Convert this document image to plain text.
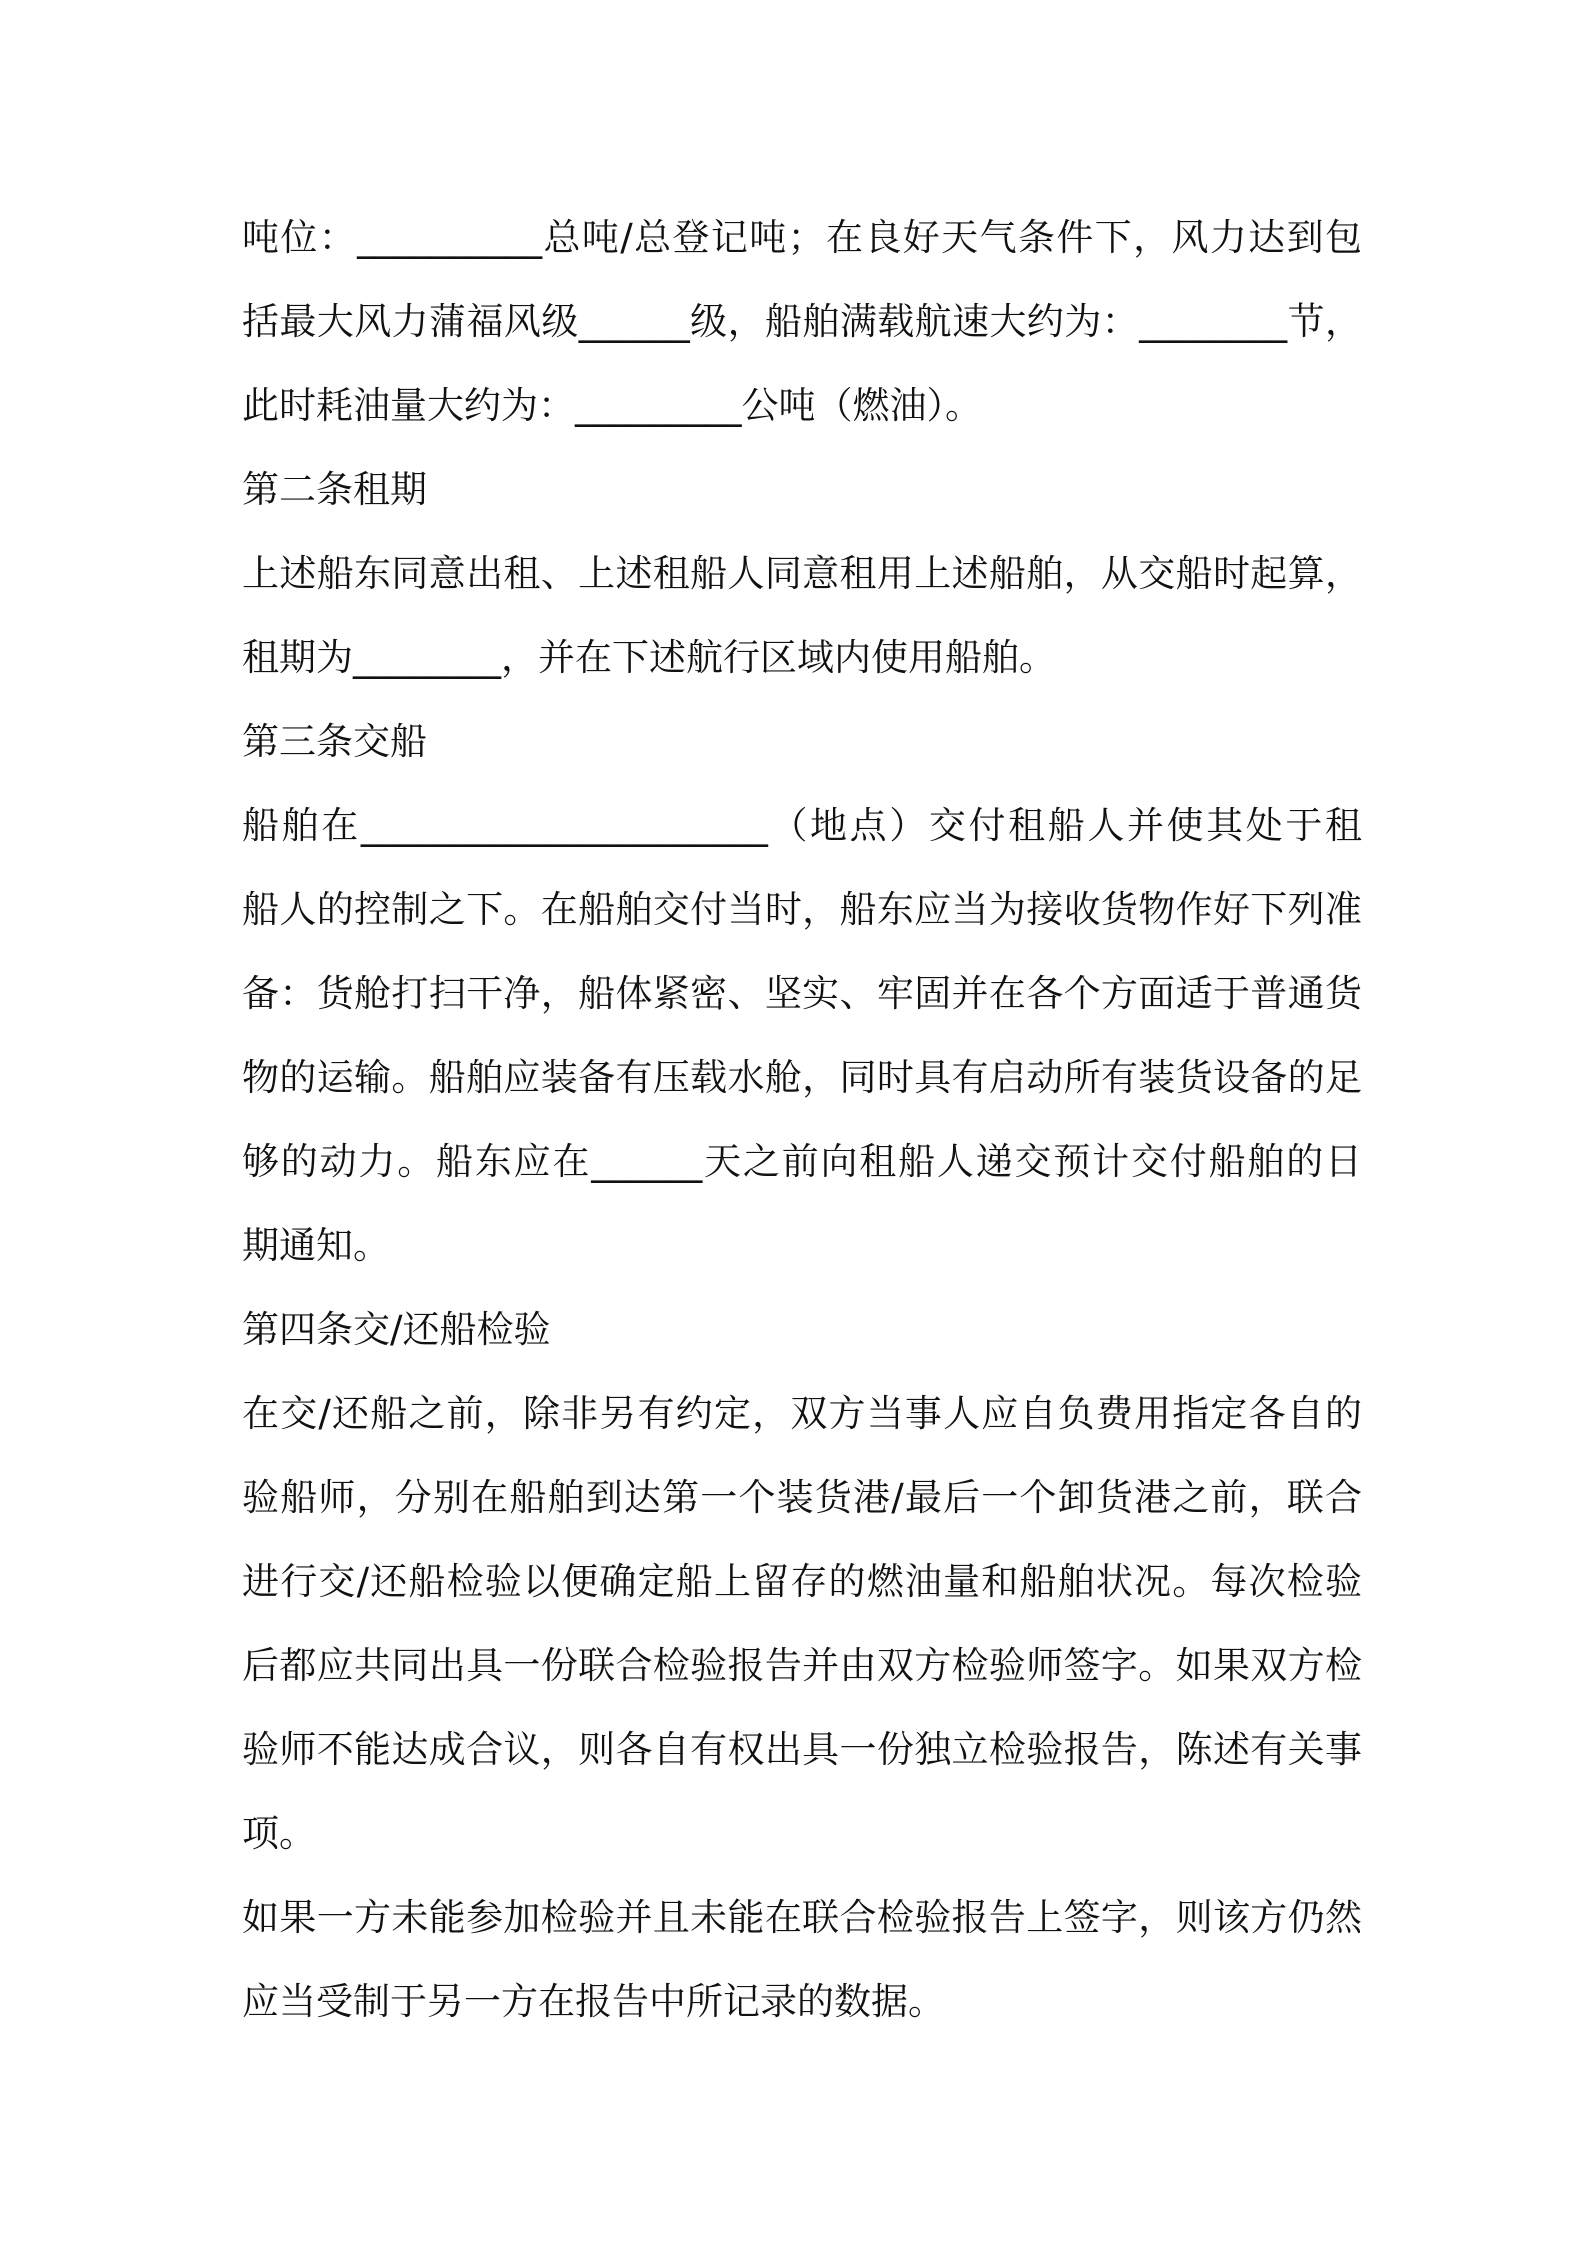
吨位：__________总吨/总登记吨；在良好天气条件下，风力达到包
括最大风力蒲福风级______级，船舶满载航速大约为：________节，
此时耗油量大约为：_________公吨（燃油）。
第二条租期
上述船东同意出租、上述租船人同意租用上述船舶，从交船时起算，
租期为________，并在下述航行区域内使用船舶。
第三条交船
船舶在______________________（地点）交付租船人并使其处于租
船人的控制之下。在船舶交付当时，船东应当为接收货物作好下列准
备：货舱打扫干净，船体紧密、坚实、牢固并在各个方面适于普通货
物的运输。船舶应装备有压载水舱，同时具有启动所有装货设备的足
够的动力。船东应在______天之前向租船人递交预计交付船舶的日
期通知。
第四条交/还船检验
在交/还船之前，除非另有约定，双方当事人应自负费用指定各自的
验船师，分别在船舶到达第一个装货港/最后一个卸货港之前，联合
进行交/还船检验以便确定船上留存的燃油量和船舶状况。每次检验
后都应共同出具一份联合检验报告并由双方检验师签字。如果双方检
验师不能达成合议，则各自有权出具一份独立检验报告，陈述有关事
项。
如果一方未能参加检验并且未能在联合检验报告上签字，则该方仍然
应当受制于另一方在报告中所记录的数据。
